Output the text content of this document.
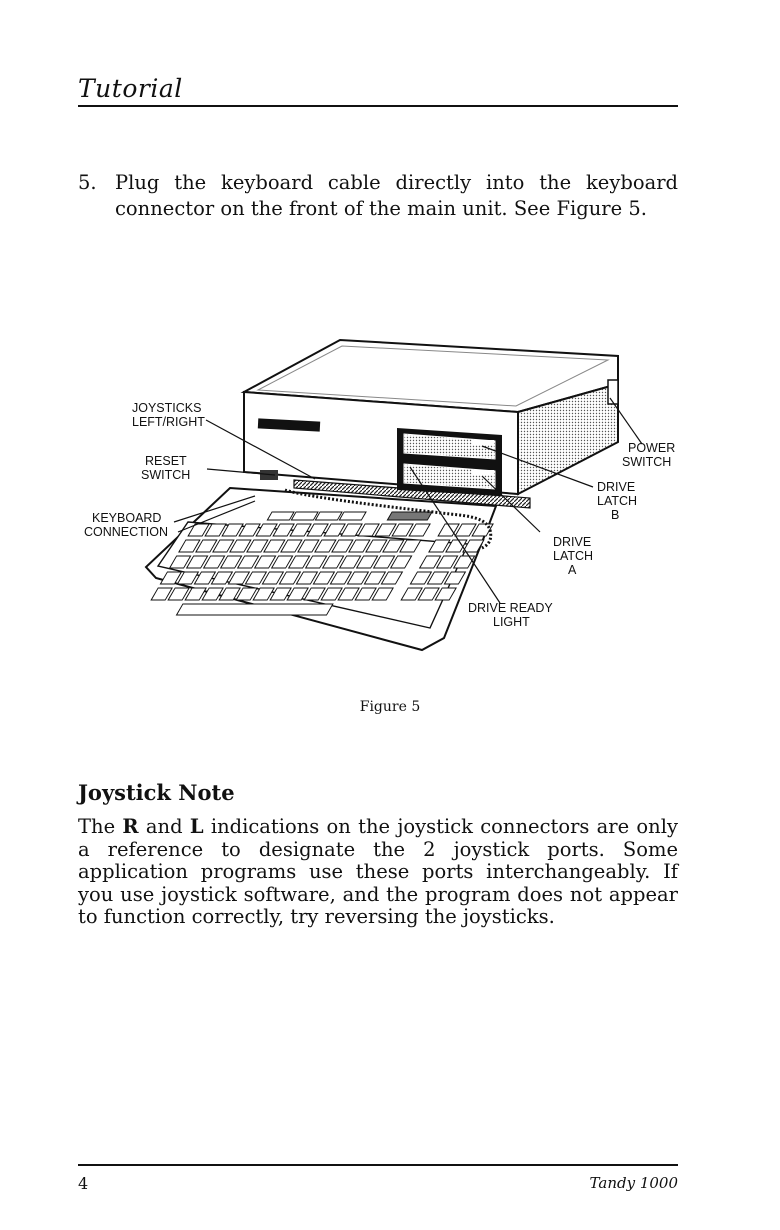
Tutorial
5. Plug the keyboard cable directly into the keyboard connector on the front of the main unit. See Figure 5.
JOYSTICKS
LEFT/RIGHT
RESET
SWITCH
KEYBOARD
CONNECTION
POWER
SWITCH
DRIVE
LATCH
B
DRIVE
LATCH
A
DRIVE READY
LIGHT
Figure 5
Joystick Note
The R and L indications on the joystick connectors are only a reference to designate the 2 joystick ports. Some application programs use these ports interchangeably. If you use joystick software, and the program does not appear to function correctly, try reversing the joysticks.
4	Tandy 1000
